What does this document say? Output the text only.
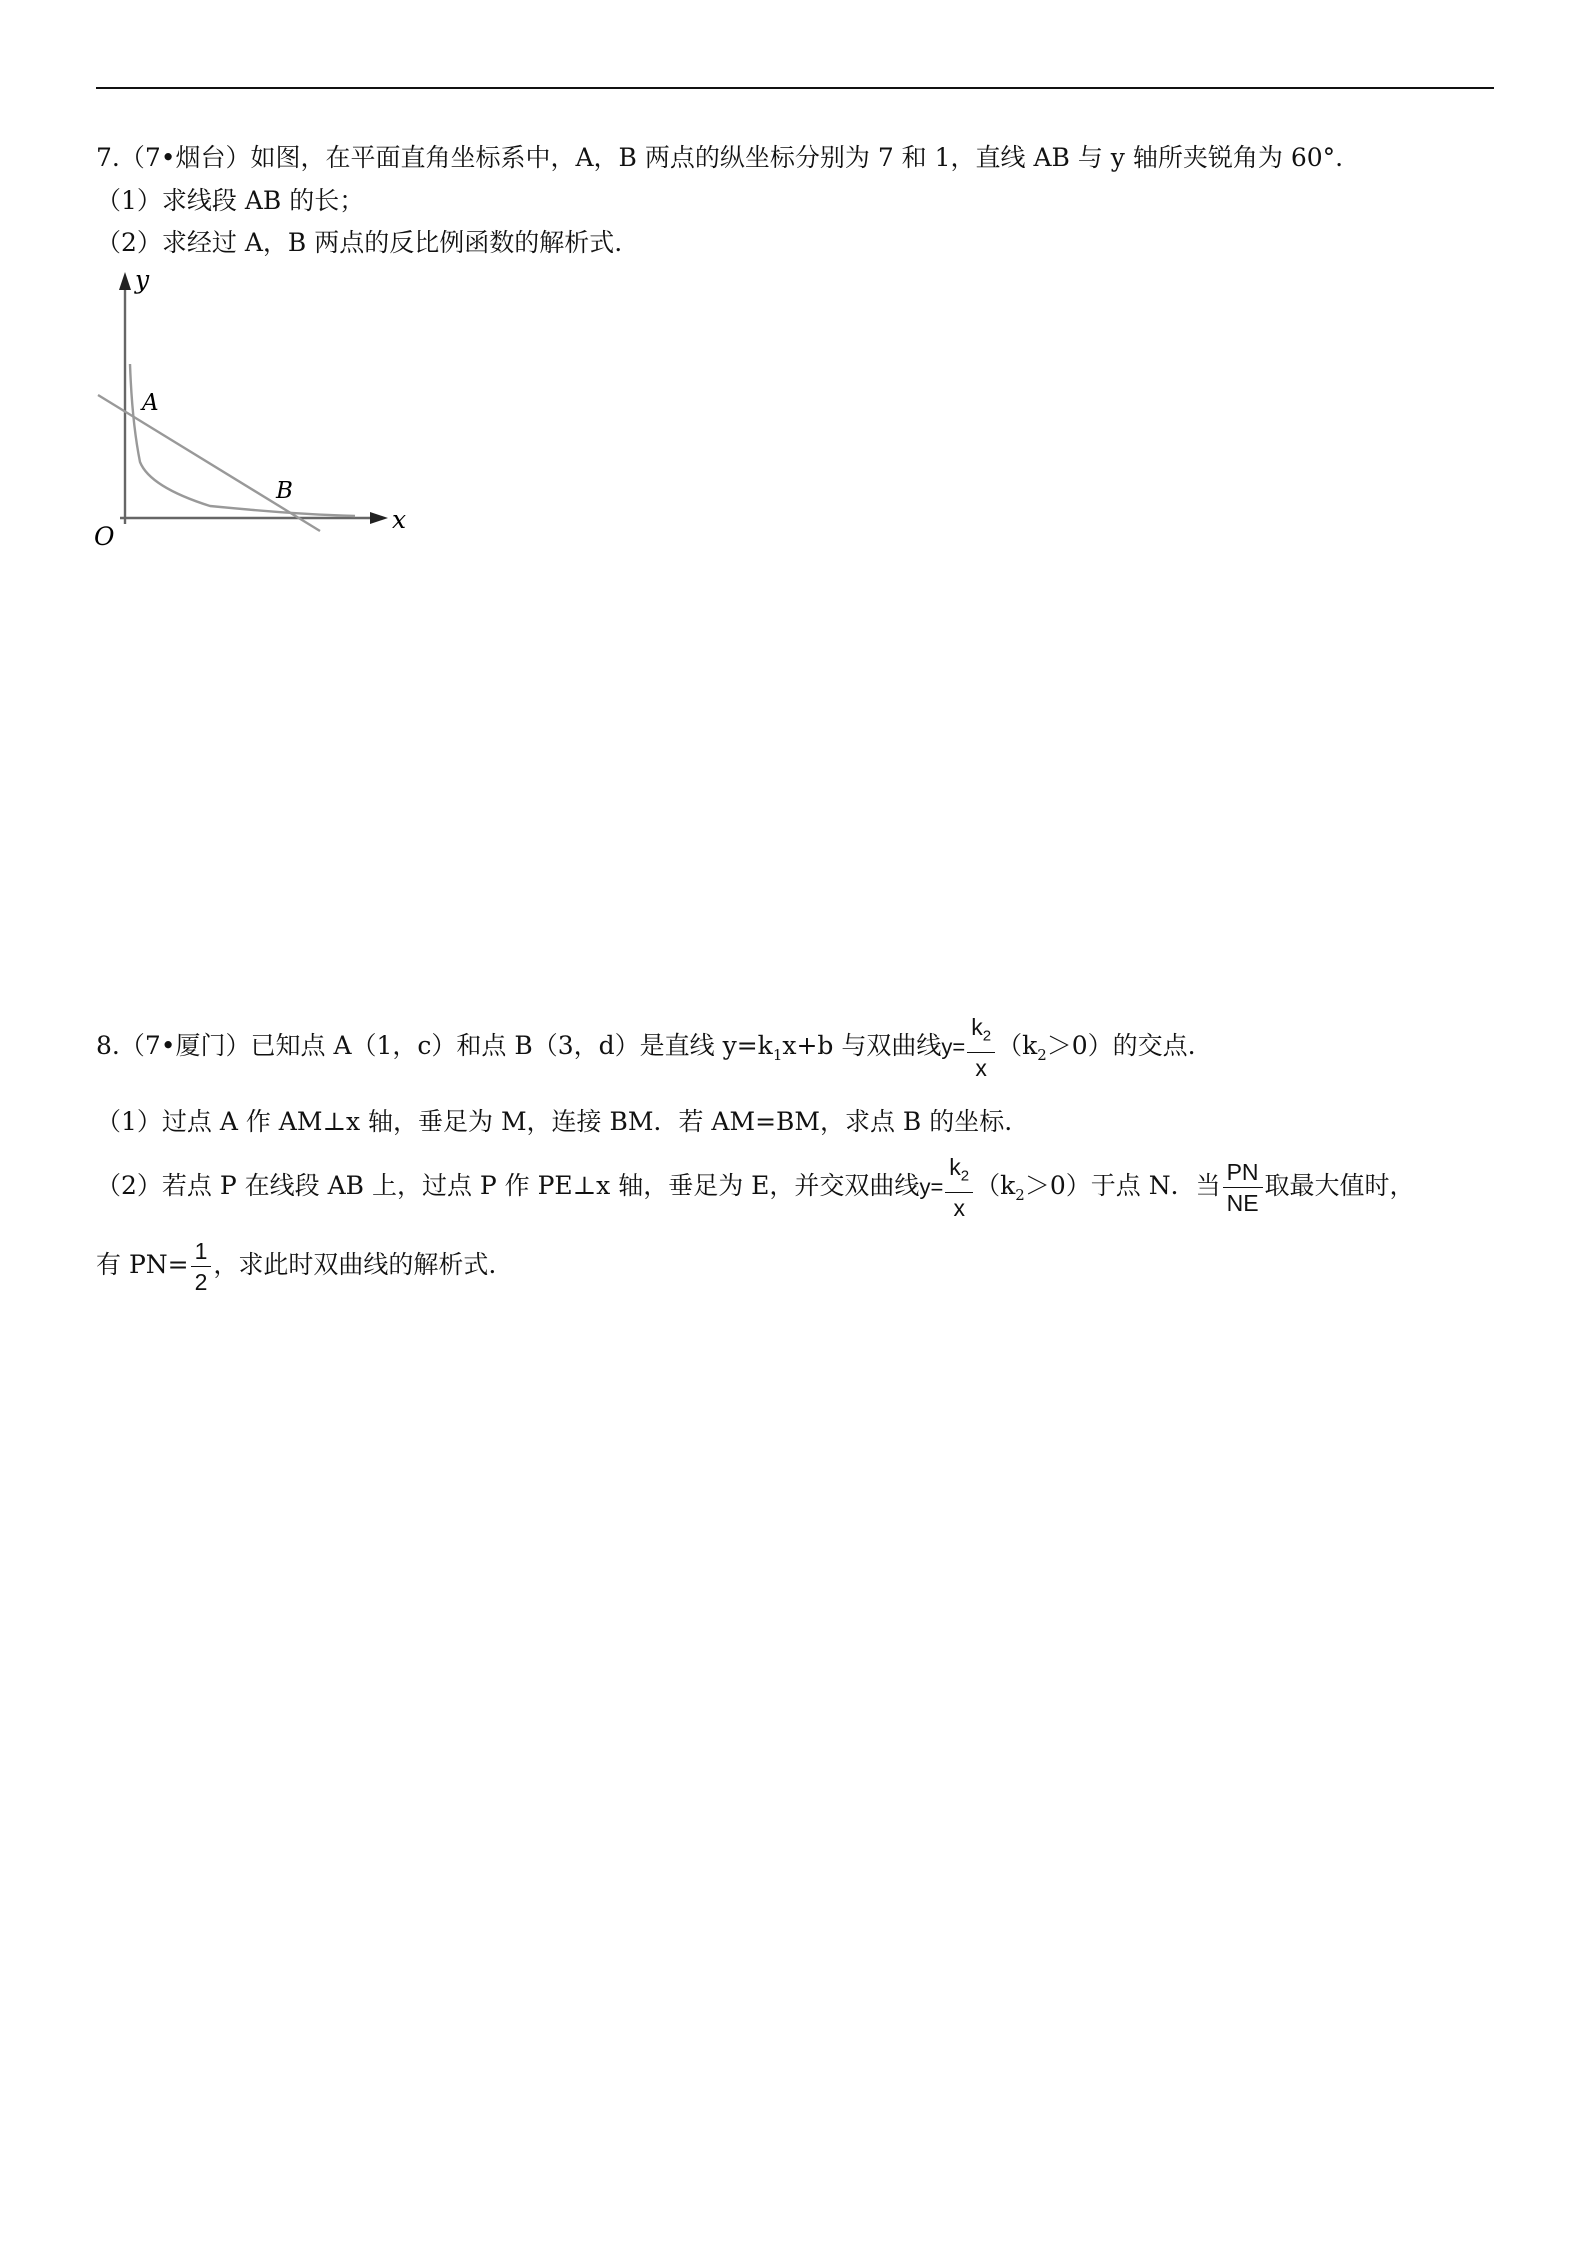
7.（7•烟台）如图，在平面直角坐标系中，A，B 两点的纵坐标分别为 7 和 1，直线 AB 与 y 轴所夹锐角为 60°.
（1）求线段 AB 的长；
（2）求经过 A，B 两点的反比例函数的解析式.
y
x
O
A
B
8.（7•厦门）已知点 A（1，c）和点 B（3，d）是直线 $y=k_1x+b$ 与双曲线$y= \frac{k_2}{x} (k_2>0)$的交点.
（1）过点 A 作 AM⊥x 轴，垂足为 M，连接 BM．若 AM=BM，求点 B 的坐标.
（2）若点 P 在线段 AB 上，过点 P 作 PE⊥x 轴，垂足为 E，并交双曲线$y= \frac{k_2}{x} (k_2>0)$于点 N．当 $\frac{PN}{NE}$ 取最大值时，
有 $PN= \frac{1}{2}$ ，求此时双曲线的解析式.
